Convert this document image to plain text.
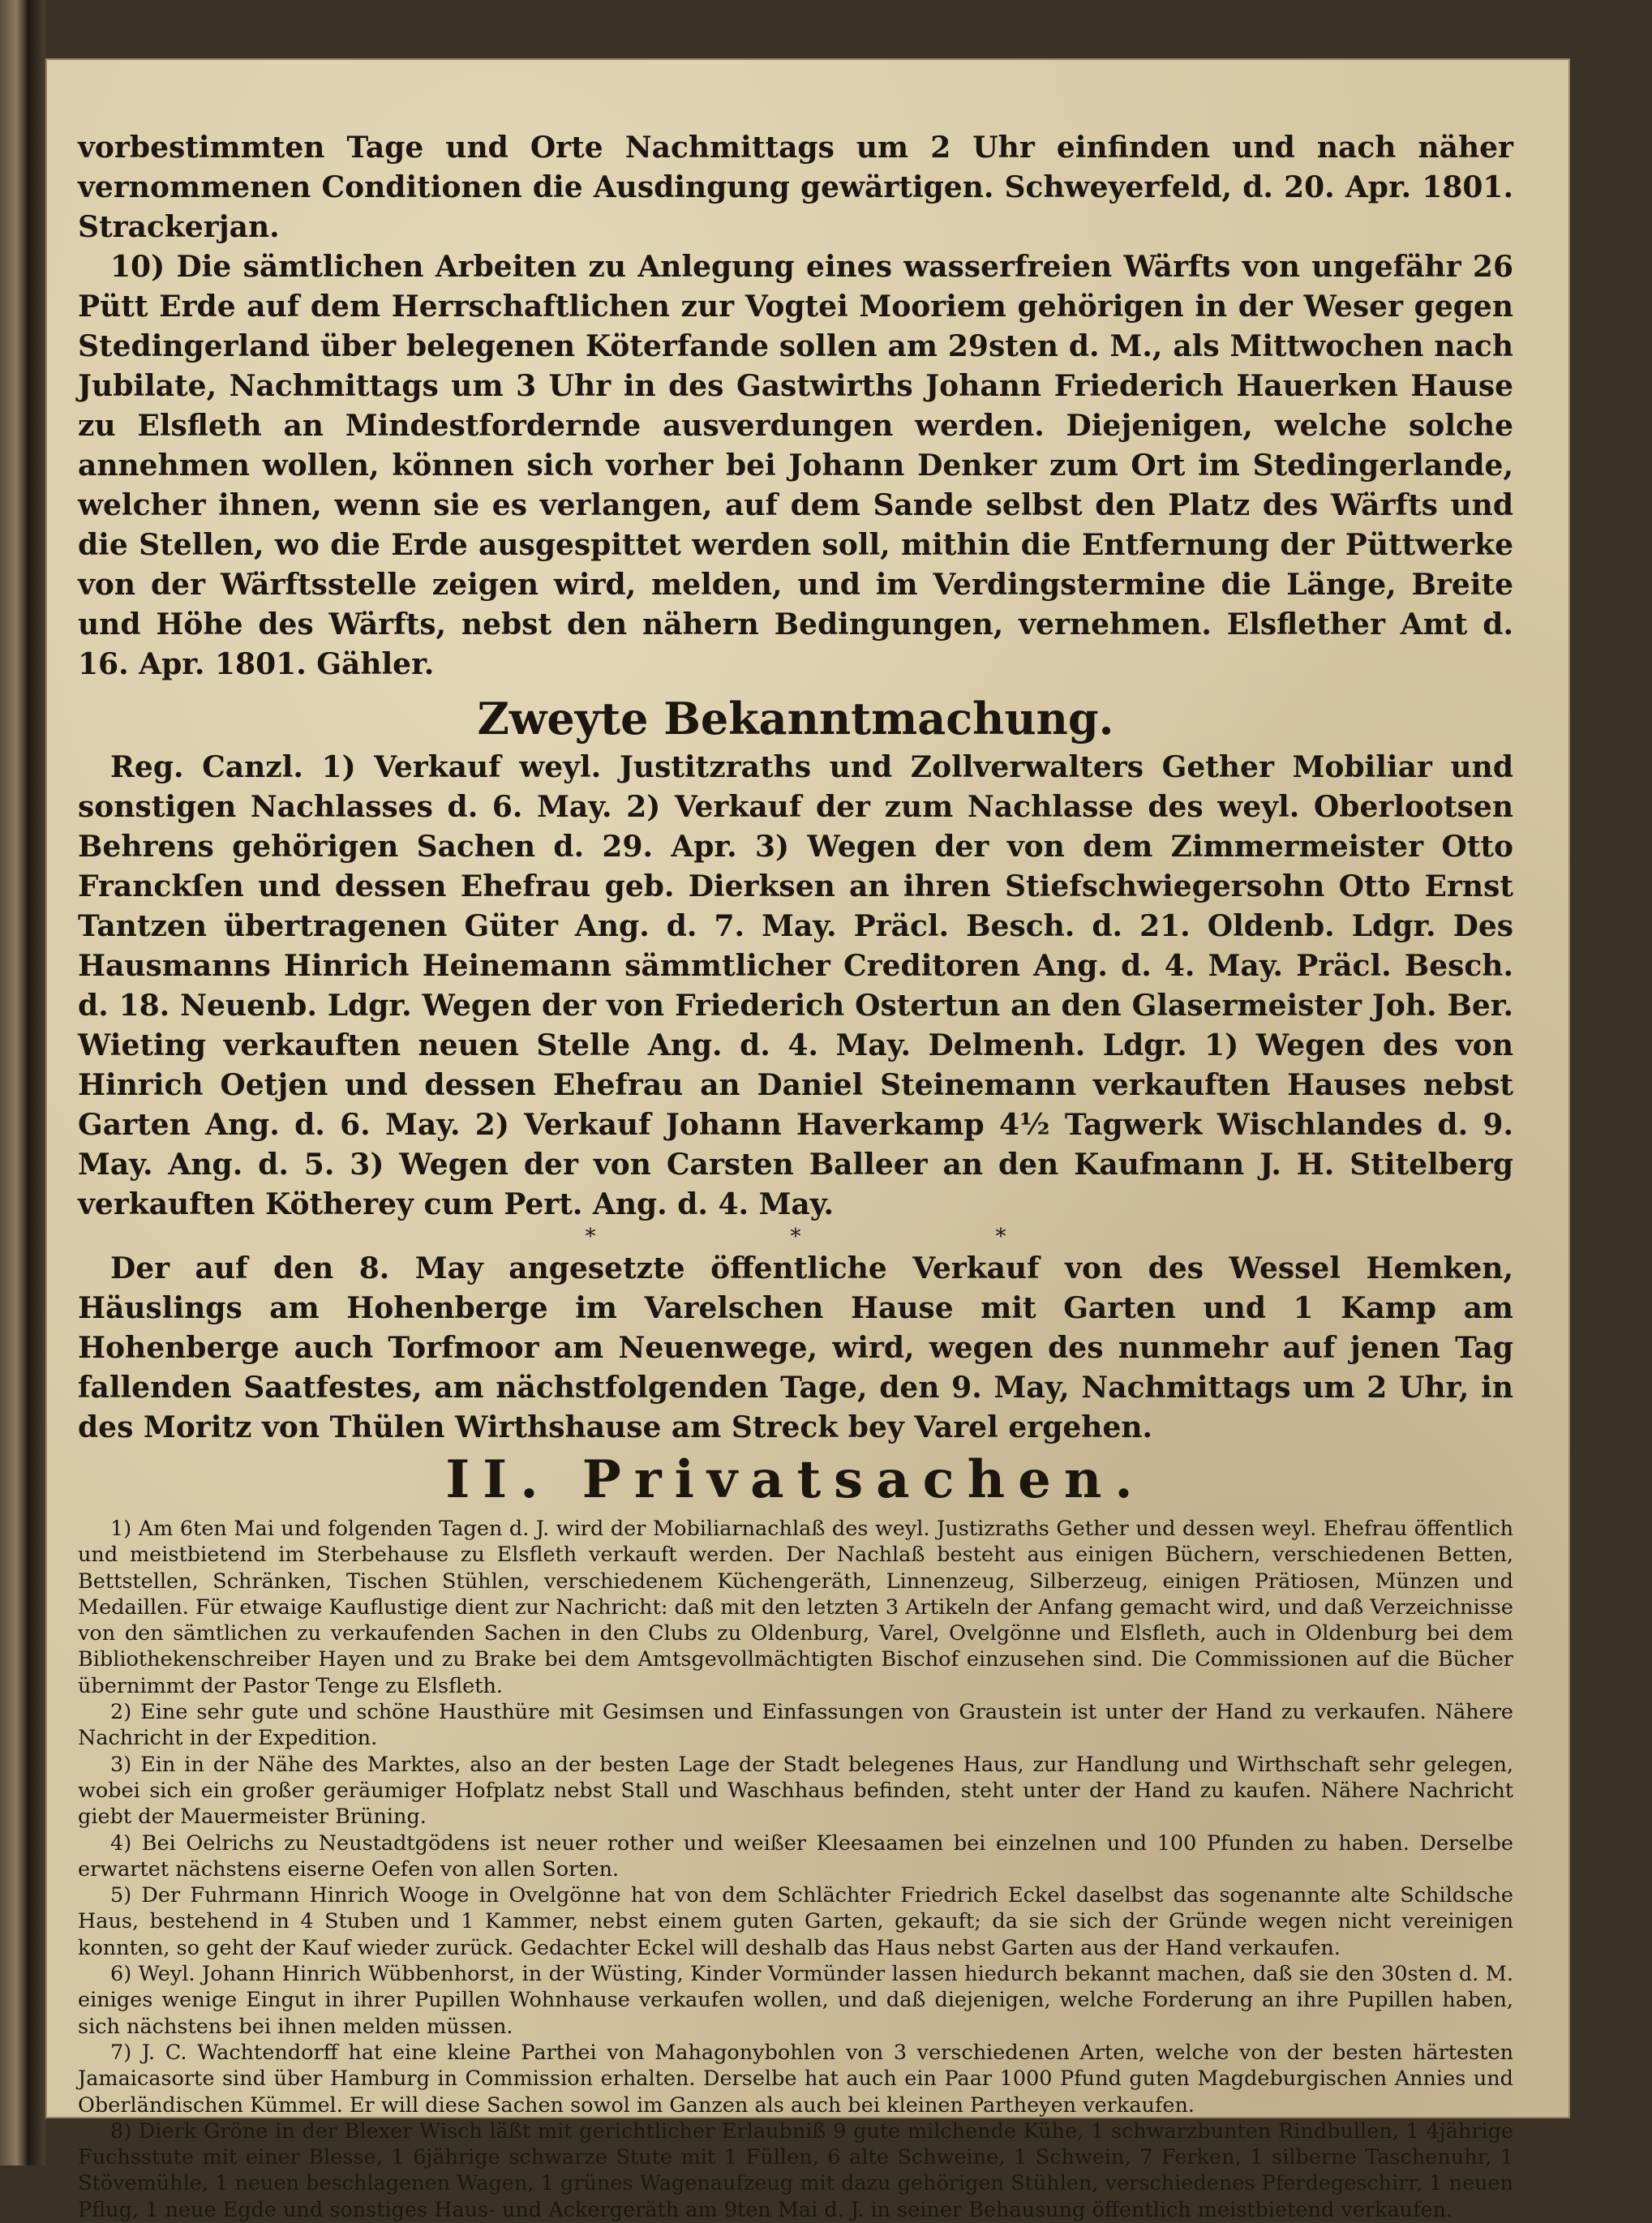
vorbestimmten Tage und Orte Nachmittags um 2 Uhr einfinden und nach näher vernommenen Conditionen die Ausdingung gewärtigen. Schweyerfeld, d. 20. Apr. 1801. Strackerjan.

10) Die sämtlichen Arbeiten zu Anlegung eines wasserfreien Wärfts von ungefähr 26 Pütt Erde auf dem Herrschaftlichen zur Vogtei Mooriem gehörigen in der Weser gegen Stedingerland über belegenen Köterfande sollen am 29sten d. M., als Mittwochen nach Jubilate, Nachmittags um 3 Uhr in des Gastwirths Johann Friederich Hauerken Hause zu Elsfleth an Mindestfordernde ausverdungen werden. Diejenigen, welche solche annehmen wollen, können sich vorher bei Johann Denker zum Ort im Stedingerlande, welcher ihnen, wenn sie es verlangen, auf dem Sande selbst den Platz des Wärfts und die Stellen, wo die Erde ausgespittet werden soll, mithin die Entfernung der Püttwerke von der Wärftsstelle zeigen wird, melden, und im Verdingstermine die Länge, Breite und Höhe des Wärfts, nebst den nähern Bedingungen, vernehmen. Elsflether Amt d. 16. Apr. 1801. Gähler.

Zweyte Bekanntmachung.

Reg. Canzl. 1) Verkauf weyl. Justitzraths und Zollverwalters Gether Mobiliar und sonstigen Nachlasses d. 6. May. 2) Verkauf der zum Nachlasse des weyl. Oberlootsen Behrens gehörigen Sachen d. 29. Apr. 3) Wegen der von dem Zimmermeister Otto Franckſen und dessen Ehefrau geb. Dierksen an ihren Stiefschwiegersohn Otto Ernst Tantzen übertragenen Güter Ang. d. 7. May. Präcl. Besch. d. 21. Oldenb. Ldgr. Des Hausmanns Hinrich Heinemann sämmtlicher Creditoren Ang. d. 4. May. Präcl. Besch. d. 18. Neuenb. Ldgr. Wegen der von Friederich Ostertun an den Glasermeister Joh. Ber. Wieting verkauften neuen Stelle Ang. d. 4. May. Delmenh. Ldgr. 1) Wegen des von Hinrich Oetjen und dessen Ehefrau an Daniel Steinemann verkauften Hauses nebst Garten Ang. d. 6. May. 2) Verkauf Johann Haverkamp 4½ Tagwerk Wischlandes d. 9. May. Ang. d. 5. 3) Wegen der von Carsten Balleer an den Kaufmann J. H. Stitelberg verkauften Kötherey cum Pert. Ang. d. 4. May.

*	*	*

Der auf den 8. May angesetzte öffentliche Verkauf von des Wessel Hemken, Häuslings am Hohenberge im Varelschen Hause mit Garten und 1 Kamp am Hohenberge auch Torfmoor am Neuenwege, wird, wegen des nunmehr auf jenen Tag fallenden Saatfestes, am nächstfolgenden Tage, den 9. May, Nachmittags um 2 Uhr, in des Moritz von Thülen Wirthshause am Streck bey Varel ergehen.

II. Privatsachen.

1) Am 6ten Mai und folgenden Tagen d. J. wird der Mobiliarnachlaß des weyl. Justizraths Gether und dessen weyl. Ehefrau öffentlich und meistbietend im Sterbehause zu Elsfleth verkauft werden. Der Nachlaß besteht aus einigen Büchern, verschiedenen Betten, Bettstellen, Schränken, Tischen Stühlen, verschiedenem Küchengeräth, Linnenzeug, Silberzeug, einigen Prätiosen, Münzen und Medaillen. Für etwaige Kauflustige dient zur Nachricht: daß mit den letzten 3 Artikeln der Anfang gemacht wird, und daß Verzeichnisse von den sämtlichen zu verkaufenden Sachen in den Clubs zu Oldenburg, Varel, Ovelgönne und Elsfleth, auch in Oldenburg bei dem Bibliothekenschreiber Hayen und zu Brake bei dem Amtsgevollmächtigten Bischof einzusehen sind. Die Commissionen auf die Bücher übernimmt der Pastor Tenge zu Elsfleth.

2) Eine sehr gute und schöne Hausthüre mit Gesimsen und Einfassungen von Graustein ist unter der Hand zu verkaufen. Nähere Nachricht in der Expedition.

3) Ein in der Nähe des Marktes, also an der besten Lage der Stadt belegenes Haus, zur Handlung und Wirthschaft sehr gelegen, wobei sich ein großer geräumiger Hofplatz nebst Stall und Waschhaus befinden, steht unter der Hand zu kaufen. Nähere Nachricht giebt der Mauermeister Brüning.

4) Bei Oelrichs zu Neustadtgödens ist neuer rother und weißer Kleesaamen bei einzelnen und 100 Pfunden zu haben. Derselbe erwartet nächstens eiserne Oefen von allen Sorten.

5) Der Fuhrmann Hinrich Wooge in Ovelgönne hat von dem Schlächter Friedrich Eckel daselbst das sogenannte alte Schildsche Haus, bestehend in 4 Stuben und 1 Kammer, nebst einem guten Garten, gekauft; da sie sich der Gründe wegen nicht vereinigen konnten, so geht der Kauf wieder zurück. Gedachter Eckel will deshalb das Haus nebst Garten aus der Hand verkaufen.

6) Weyl. Johann Hinrich Wübbenhorst, in der Wüsting, Kinder Vormünder lassen hiedurch bekannt machen, daß sie den 30sten d. M. einiges wenige Eingut in ihrer Pupillen Wohnhause verkaufen wollen, und daß diejenigen, welche Forderung an ihre Pupillen haben, sich nächstens bei ihnen melden müssen.

7) J. C. Wachtendorff hat eine kleine Parthei von Mahagonybohlen von 3 verschiedenen Arten, welche von der besten härtesten Jamaicasorte sind über Hamburg in Commission erhalten. Derselbe hat auch ein Paar 1000 Pfund guten Magdeburgischen Annies und Oberländischen Kümmel. Er will diese Sachen sowol im Ganzen als auch bei kleinen Partheyen verkaufen.

8) Dierk Gröne in der Blexer Wisch läßt mit gerichtlicher Erlaubniß 9 gute milchende Kühe, 1 schwarzbunten Rindbullen, 1 4jährige Fuchsstute mit einer Blesse, 1 6jährige schwarze Stute mit 1 Füllen, 6 alte Schweine, 1 Schwein, 7 Ferken, 1 silberne Taschenuhr, 1 Stövemühle, 1 neuen beschlagenen Wagen, 1 grünes Wagenaufzeug mit dazu gehörigen Stühlen, verschiedenes Pferdegeschirr, 1 neuen Pflug, 1 neue Egde und sonstiges Haus- und Ackergeräth am 9ten Mai d. J. in seiner Behausung öffentlich meistbietend verkaufen.
